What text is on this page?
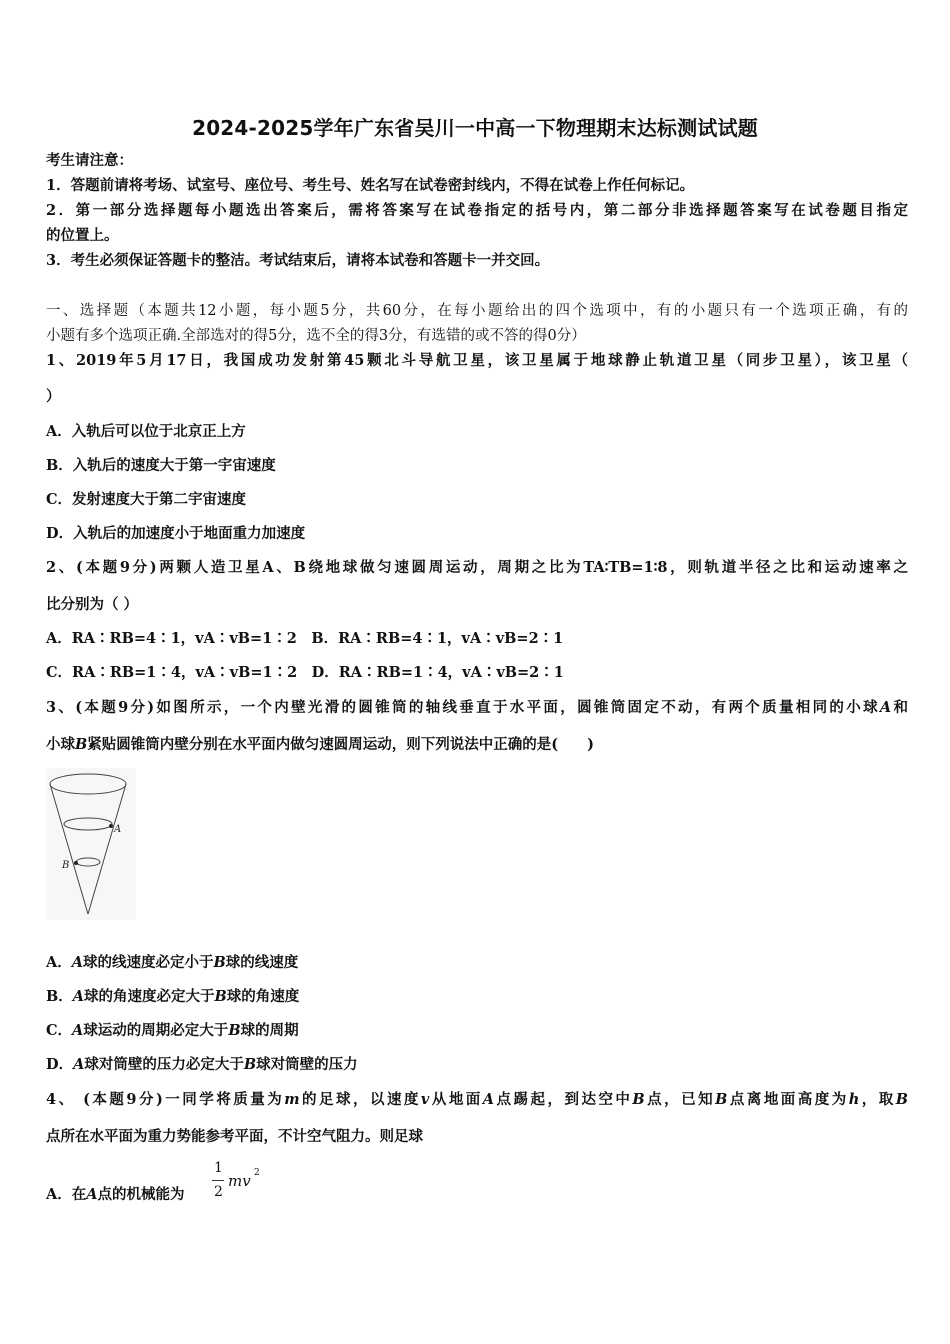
2024-2025学年广东省吴川一中高一下物理期末达标测试试题
考生请注意：
1．答题前请将考场、试室号、座位号、考生号、姓名写在试卷密封线内，不得在试卷上作任何标记。
2．第一部分选择题每小题选出答案后，需将答案写在试卷指定的括号内，第二部分非选择题答案写在试卷题目指定
的位置上。
3．考生必须保证答题卡的整洁。考试结束后，请将本试卷和答题卡一并交回。
一、选择题（本题共12小题，每小题5分，共60分，在每小题给出的四个选项中，有的小题只有一个选项正确，有的
小题有多个选项正确.全部选对的得5分，选不全的得3分，有选错的或不答的得0分）
1、2019年5月17日，我国成功发射第45颗北斗导航卫星，该卫星属于地球静止轨道卫星（同步卫星），该卫星（
）
A．入轨后可以位于北京正上方
B．入轨后的速度大于第一宇宙速度
C．发射速度大于第二宇宙速度
D．入轨后的加速度小于地面重力加速度
2、(本题9分)两颗人造卫星A、B绕地球做匀速圆周运动，周期之比为TA∶TB=1∶8，则轨道半径之比和运动速率之
比分别为（ ）
A．RA∶RB=4∶1，vA∶vB=1∶2　B．RA∶RB=4∶1，vA∶vB=2∶1
C．RA∶RB=1∶4，vA∶vB=1∶2　D．RA∶RB=1∶4，vA∶vB=2∶1
3、(本题9分)如图所示，一个内壁光滑的圆锥筒的轴线垂直于水平面，圆锥筒固定不动，有两个质量相同的小球A和
小球B紧贴圆锥筒内壁分别在水平面内做匀速圆周运动，则下列说法中正确的是(　　)
A
B
A．A球的线速度必定小于B球的线速度
B．A球的角速度必定大于B球的角速度
C．A球运动的周期必定大于B球的周期
D．A球对筒壁的压力必定大于B球对筒壁的压力
4、 (本题9分)一同学将质量为m的足球，以速度v从地面A点踢起，到达空中B点，已知B点离地面高度为h，取B
点所在水平面为重力势能参考平面，不计空气阻力。则足球
A．在A点的机械能为
1
2
mv 2
